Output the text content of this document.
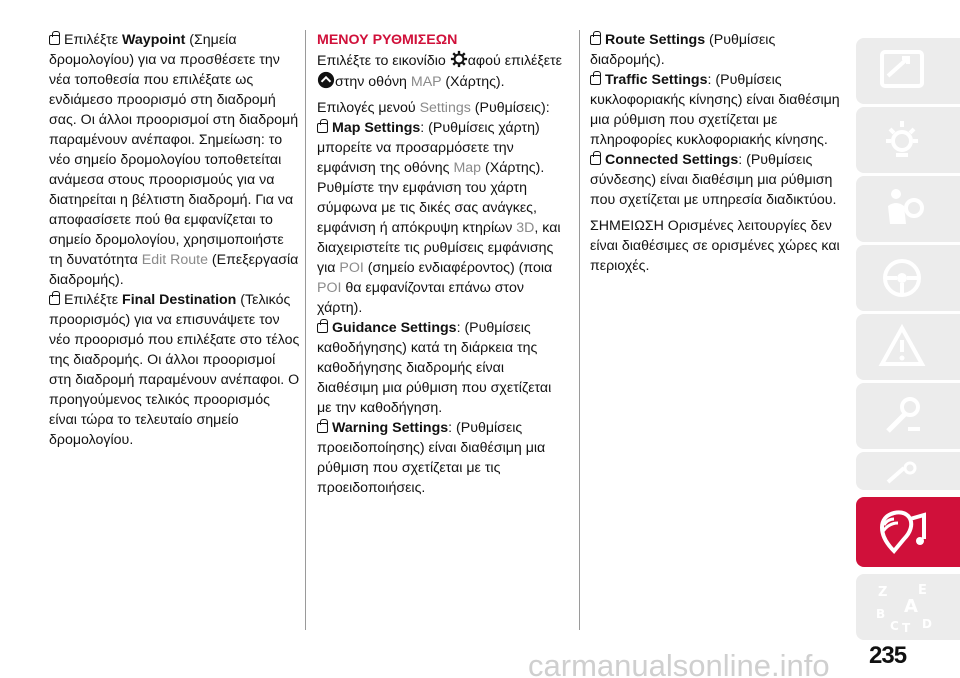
Επιλέξτε Waypoint (Σημεία δρομολογίου) για να προσθέσετε την νέα τοποθεσία που επιλέξατε ως ενδιάμεσο προορισμό στη διαδρομή σας. Οι άλλοι προορισμοί στη διαδρομή παραμένουν ανέπαφοι. Σημείωση: το νέο σημείο δρομολογίου τοποθετείται ανάμεσα στους προορισμούς για να διατηρείται η βέλτιστη διαδρομή. Για να αποφασίσετε πού θα εμφανίζεται το σημείο δρομολογίου, χρησιμοποιήστε τη δυνατότητα Edit Route (Επεξεργασία διαδρομής).

Επιλέξτε Final Destination (Τελικός προορισμός) για να επισυνάψετε τον νέο προορισμό που επιλέξατε στο τέλος της διαδρομής. Οι άλλοι προορισμοί στη διαδρομή παραμένουν ανέπαφοι. Ο προηγούμενος τελικός προορισμός είναι τώρα το τελευταίο σημείο δρομολογίου.

ΜΕΝΟΥ ΡΥΘΜΙΣΕΩΝ

Επιλέξτε το εικονίδιο αφού επιλέξετε στην οθόνη MAP (Χάρτης).

Επιλογές μενού Settings (Ρυθμίσεις):

Map Settings: (Ρυθμίσεις χάρτη) μπορείτε να προσαρμόσετε την εμφάνιση της οθόνης Map (Χάρτης). Ρυθμίστε την εμφάνιση του χάρτη σύμφωνα με τις δικές σας ανάγκες, εμφάνιση ή απόκρυψη κτηρίων 3D, και διαχειριστείτε τις ρυθμίσεις εμφάνισης για POI (σημείο ενδιαφέροντος) (ποια POI θα εμφανίζονται επάνω στον χάρτη).

Guidance Settings: (Ρυθμίσεις καθοδήγησης) κατά τη διάρκεια της καθοδήγησης διαδρομής είναι διαθέσιμη μια ρύθμιση που σχετίζεται με την καθοδήγηση.

Warning Settings: (Ρυθμίσεις προειδοποίησης) είναι διαθέσιμη μια ρύθμιση που σχετίζεται με τις προειδοποιήσεις.

Route Settings (Ρυθμίσεις διαδρομής).

Traffic Settings: (Ρυθμίσεις κυκλοφοριακής κίνησης) είναι διαθέσιμη μια ρύθμιση που σχετίζεται με πληροφορίες κυκλοφοριακής κίνησης.

Connected Settings: (Ρυθμίσεις σύνδεσης) είναι διαθέσιμη μια ρύθμιση που σχετίζεται με υπηρεσία διαδικτύου.

ΣΗΜΕΙΩΣΗ Ορισμένες λειτουργίες δεν είναι διαθέσιμες σε ορισμένες χώρες και περιοχές.

Z E
A
B
C T D
235
carmanualsonline.info
